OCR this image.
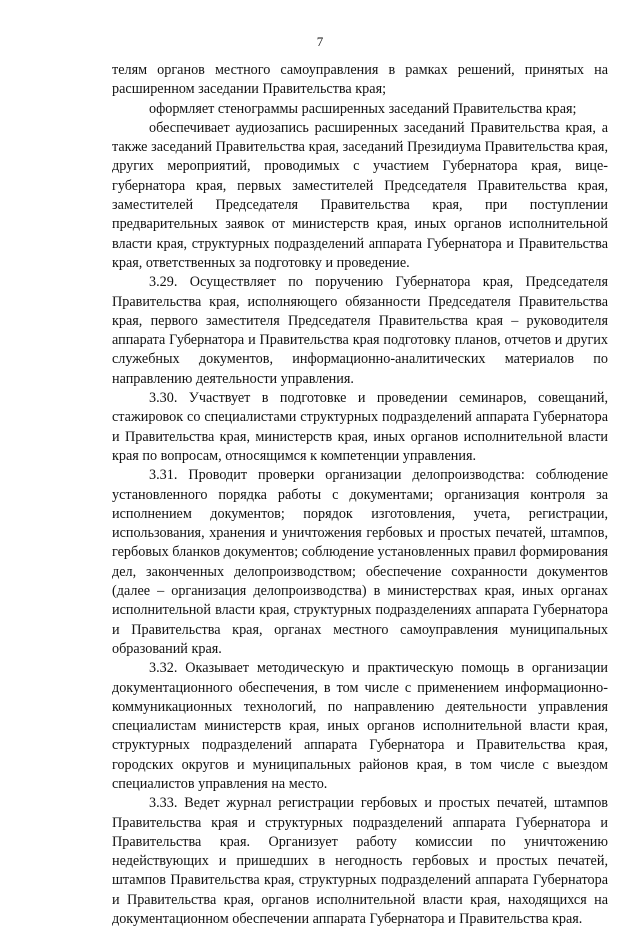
7

телям органов местного самоуправления в рамках решений, принятых на расширенном заседании Правительства края;

оформляет стенограммы расширенных заседаний Правительства края;

обеспечивает аудиозапись расширенных заседаний Правительства края, а также заседаний Правительства края, заседаний Президиума Правительства края, других мероприятий, проводимых с участием Губернатора края, вице-губернатора края, первых заместителей Председателя Правительства края, заместителей Председателя Правительства края, при поступлении предварительных заявок от министерств края, иных органов исполнительной власти края, структурных подразделений аппарата Губернатора и Правительства края, ответственных за подготовку и проведение.

3.29. Осуществляет по поручению Губернатора края, Председателя Правительства края, исполняющего обязанности Председателя Правительства края, первого заместителя Председателя Правительства края – руководителя аппарата Губернатора и Правительства края подготовку планов, отчетов и других служебных документов, информационно-аналитических материалов по направлению деятельности управления.

3.30. Участвует в подготовке и проведении семинаров, совещаний, стажировок со специалистами структурных подразделений аппарата Губернатора и Правительства края, министерств края, иных органов исполнительной власти края по вопросам, относящимся к компетенции управления.

3.31. Проводит проверки организации делопроизводства: соблюдение установленного порядка работы с документами; организация контроля за исполнением документов; порядок изготовления, учета, регистрации, использования, хранения и уничтожения гербовых и простых печатей, штампов, гербовых бланков документов; соблюдение установленных правил формирования дел, законченных делопроизводством; обеспечение сохранности документов (далее – организация делопроизводства) в министерствах края, иных органах исполнительной власти края, структурных подразделениях аппарата Губернатора и Правительства края, органах местного самоуправления муниципальных образований края.

3.32. Оказывает методическую и практическую помощь в организации документационного обеспечения, в том числе с применением информационно-коммуникационных технологий, по направлению деятельности управления специалистам министерств края, иных органов исполнительной власти края, структурных подразделений аппарата Губернатора и Правительства края, городских округов и муниципальных районов края, в том числе с выездом специалистов управления на место.

3.33. Ведет журнал регистрации гербовых и простых печатей, штампов Правительства края и структурных подразделений аппарата Губернатора и Правительства края. Организует работу комиссии по уничтожению недействующих и пришедших в негодность гербовых и простых печатей, штампов Правительства края, структурных подразделений аппарата Губернатора и Правительства края, органов исполнительной власти края, находящихся на документационном обеспечении аппарата Губернатора и Правительства края.
